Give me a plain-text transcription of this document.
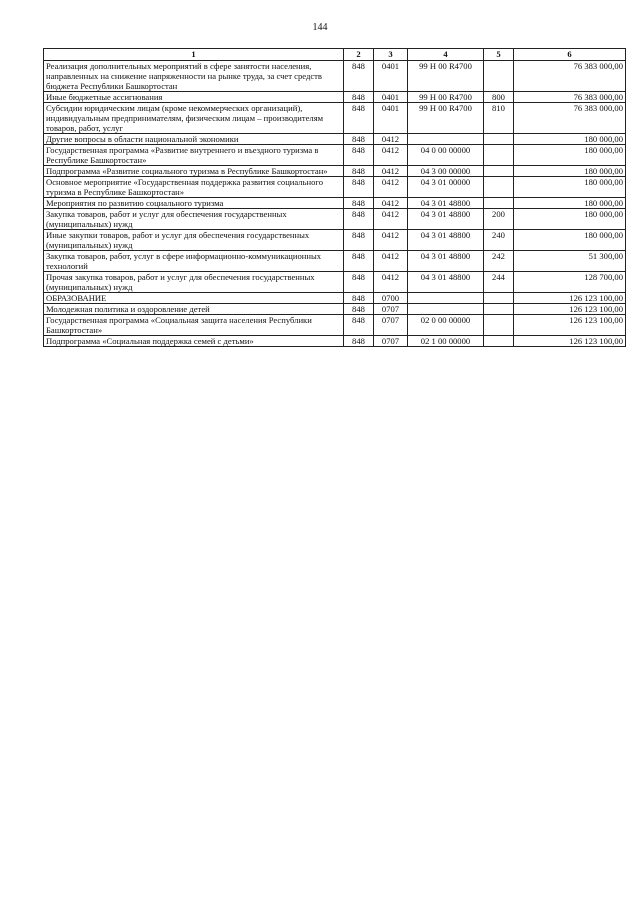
144
1	2	3	4	5	6
Реализация дополнительных мероприятий в сфере занятости населения, направленных на снижение напряженности на рынке труда, за счет средств бюджета Республики Башкортостан	848	0401	99 Н 00 R4700		76 383 000,00
Иные бюджетные ассигнования	848	0401	99 Н 00 R4700	800	76 383 000,00
Субсидии юридическим лицам (кроме некоммерческих организаций), индивидуальным предпринимателям, физическим лицам – производителям товаров, работ, услуг	848	0401	99 Н 00 R4700	810	76 383 000,00
Другие вопросы в области национальной экономики	848	0412			180 000,00
Государственная программа «Развитие внутреннего и въездного туризма в Республике Башкортостан»	848	0412	04 0 00 00000		180 000,00
Подпрограмма «Развитие социального туризма в Республике Башкортостан»	848	0412	04 3 00 00000		180 000,00
Основное мероприятие «Государственная поддержка развития социального туризма в Республике Башкортостан»	848	0412	04 3 01 00000		180 000,00
Мероприятия по развитию социального туризма	848	0412	04 3 01 48800		180 000,00
Закупка товаров, работ и услуг для обеспечения государственных (муниципальных) нужд	848	0412	04 3 01 48800	200	180 000,00
Иные закупки товаров, работ и услуг для обеспечения государственных (муниципальных) нужд	848	0412	04 3 01 48800	240	180 000,00
Закупка товаров, работ, услуг в сфере информационно-коммуникационных технологий	848	0412	04 3 01 48800	242	51 300,00
Прочая закупка товаров, работ и услуг для обеспечения государственных (муниципальных) нужд	848	0412	04 3 01 48800	244	128 700,00
ОБРАЗОВАНИЕ	848	0700			126 123 100,00
Молодежная политика и оздоровление детей	848	0707			126 123 100,00
Государственная программа «Социальная защита населения Республики Башкортостан»	848	0707	02 0 00 00000		126 123 100,00
Подпрограмма «Социальная поддержка семей с детьми»	848	0707	02 1 00 00000		126 123 100,00
